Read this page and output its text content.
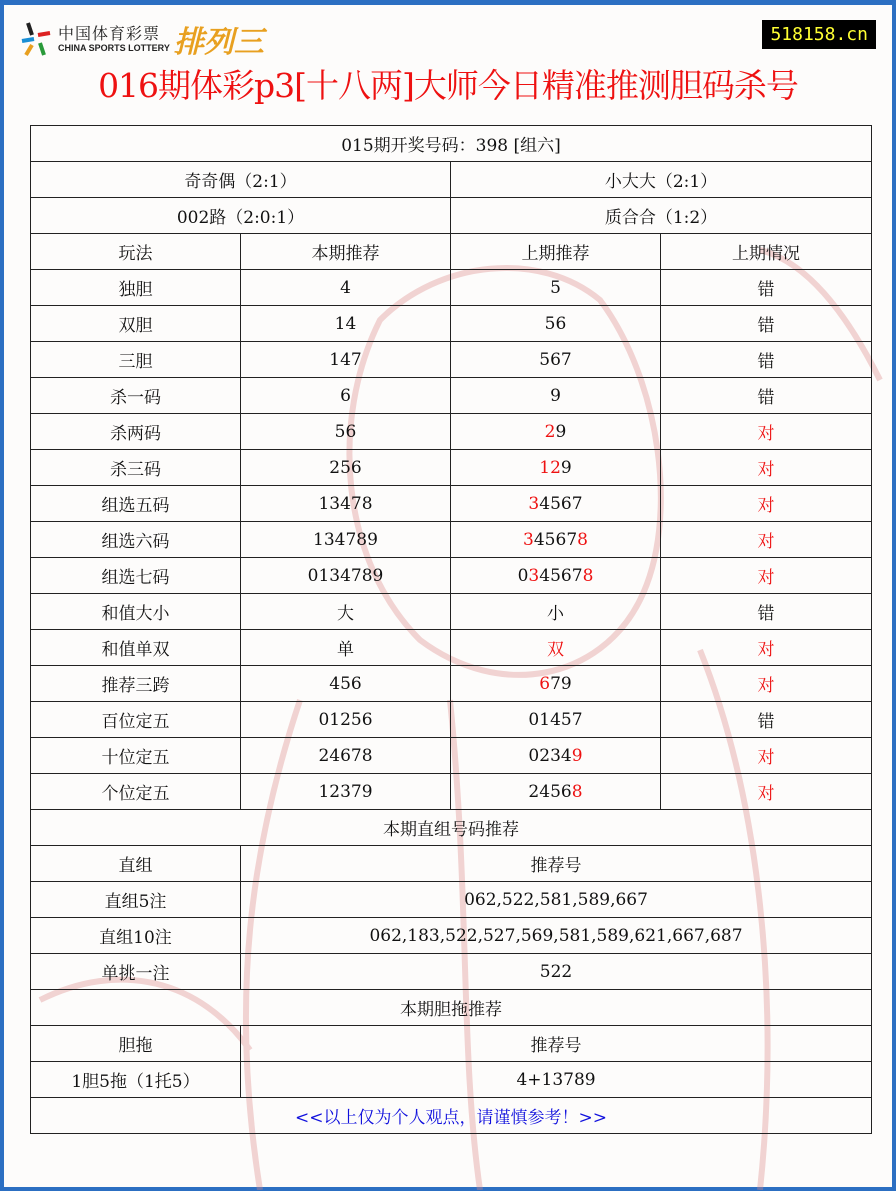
中国体育彩票
CHINA SPORTS LOTTERY 排列三	518158.cn
016期体彩p3[十八两]大师今日精准推测胆码杀号
015期开奖号码：398 [组六]			
奇奇偶（2:1）		小大大（2:1）	
002路（2:0:1）		质合合（1:2）	
玩法	本期推荐	上期推荐	上期情况
独胆	4	5	错
双胆	14	56	错
三胆	147	567	错
杀一码	6	9	错
杀两码	56	29	对
杀三码	256	129	对
组选五码	13478	34567	对
组选六码	134789	345678	对
组选七码	0134789	0345678	对
和值大小	大	小	错
和值单双	单	双	对
推荐三跨	456	679	对
百位定五	01256	01457	错
十位定五	24678	02349	对
个位定五	12379	24568	对
本期直组号码推荐			
直组	推荐号		
直组5注	062,522,581,589,667		
直组10注	062,183,522,527,569,581,589,621,667,687		
单挑一注	522		
本期胆拖推荐			
胆拖	推荐号		
1胆5拖（1托5）	4+13789		
<<以上仅为个人观点，请谨慎参考！>>			
